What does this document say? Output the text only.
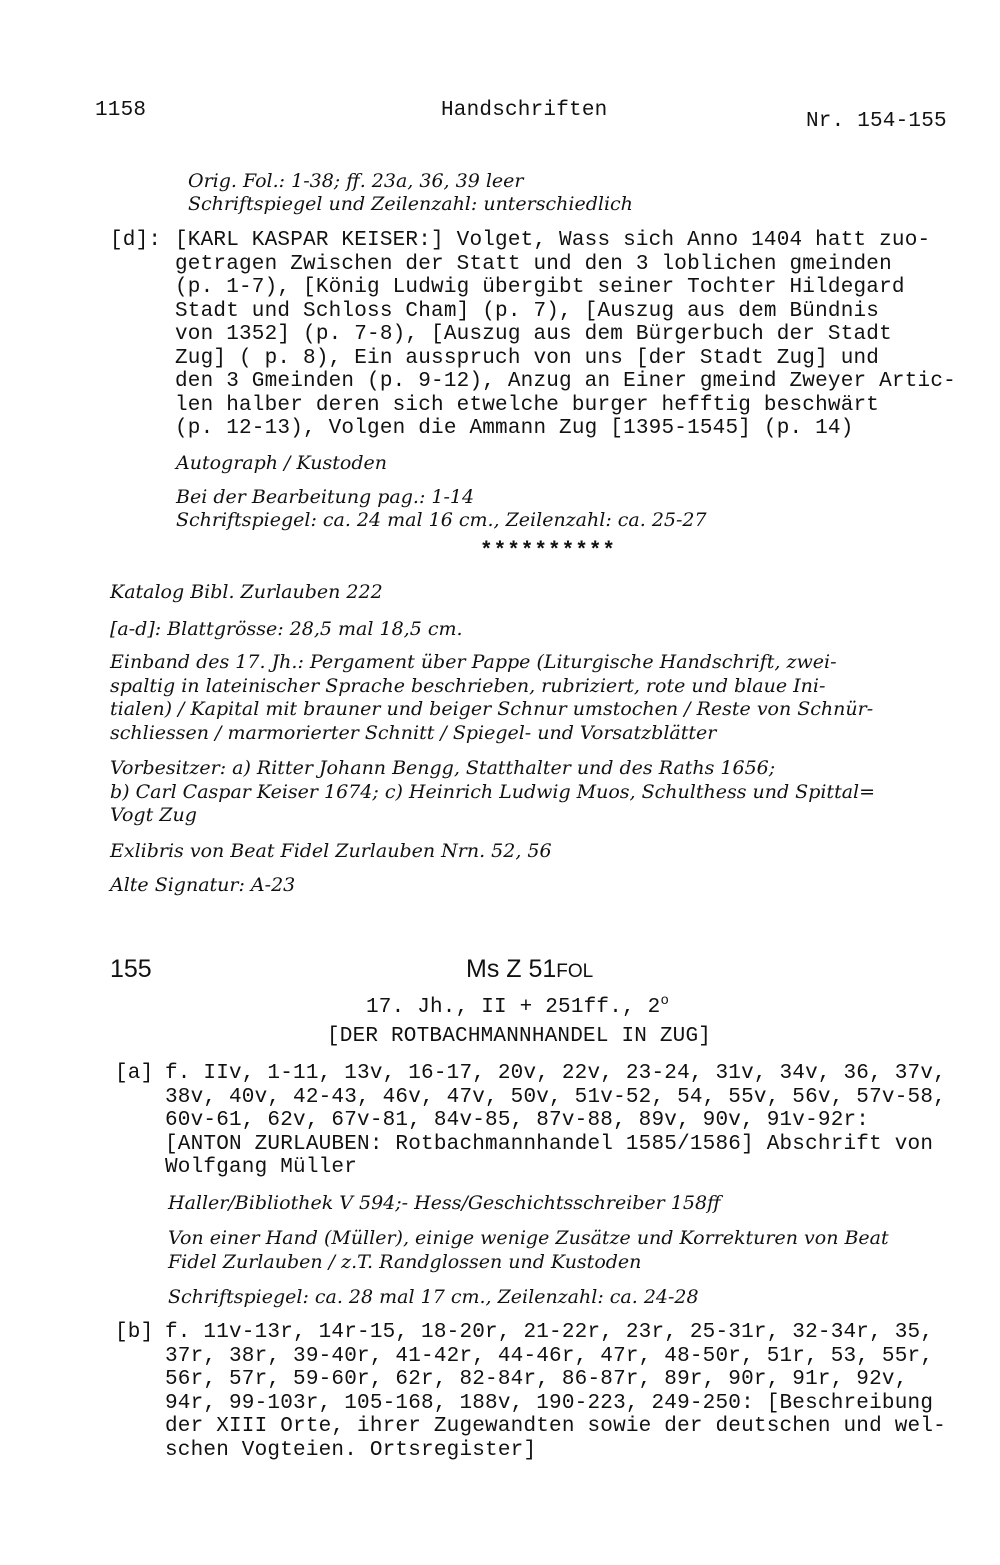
1158	Handschriften	Nr. 154-155
Orig. Fol.: 1-38; ff. 23a, 36, 39 leer
Schriftspiegel und Zeilenzahl: unterschiedlich
[d]: [KARL KASPAR KEISER:] Volget, Wass sich Anno 1404 hatt zuo-
getragen Zwischen der Statt und den 3 loblichen gmeinden
(p. 1-7), [König Ludwig übergibt seiner Tochter Hildegard
Stadt und Schloss Cham] (p. 7), [Auszug aus dem Bündnis
von 1352] (p. 7-8), [Auszug aus dem Bürgerbuch der Stadt
Zug] ( p. 8), Ein ausspruch von uns [der Stadt Zug] und
den 3 Gmeinden (p. 9-12), Anzug an Einer gmeind Zweyer Artic-
len halber deren sich etwelche burger hefftig beschwärt
(p. 12-13), Volgen die Ammann Zug [1395-1545] (p. 14)
Autograph / Kustoden
Bei der Bearbeitung pag.: 1-14
Schriftspiegel: ca. 24 mal 16 cm., Zeilenzahl: ca. 25-27
**********
Katalog Bibl. Zurlauben 222
[a-d]: Blattgrösse: 28,5 mal 18,5 cm.
Einband des 17. Jh.: Pergament über Pappe (Liturgische Handschrift, zwei-
spaltig in lateinischer Sprache beschrieben, rubriziert, rote und blaue Ini-
tialen) / Kapital mit brauner und beiger Schnur umstochen / Reste von Schnür-
schliessen / marmorierter Schnitt / Spiegel- und Vorsatzblätter
Vorbesitzer: a) Ritter Johann Bengg, Statthalter und des Raths 1656;
b) Carl Caspar Keiser 1674; c) Heinrich Ludwig Muos, Schulthess und Spittal=
Vogt Zug
Exlibris von Beat Fidel Zurlauben Nrn. 52, 56
Alte Signatur: A-23
155	Ms Z 51FOL
17. Jh., II + 251ff., 2$^o$
[DER ROTBACHMANNHANDEL IN ZUG]
[a] f. IIv, 1-11, 13v, 16-17, 20v, 22v, 23-24, 31v, 34v, 36, 37v,
38v, 40v, 42-43, 46v, 47v, 50v, 51v-52, 54, 55v, 56v, 57v-58,
60v-61, 62v, 67v-81, 84v-85, 87v-88, 89v, 90v, 91v-92r:
[ANTON ZURLAUBEN: Rotbachmannhandel 1585/1586] Abschrift von
Wolfgang Müller
Haller/Bibliothek V 594;- Hess/Geschichtsschreiber 158ff
Von einer Hand (Müller), einige wenige Zusätze und Korrekturen von Beat
Fidel Zurlauben / z.T. Randglossen und Kustoden
Schriftspiegel: ca. 28 mal 17 cm., Zeilenzahl: ca. 24-28
[b] f. 11v-13r, 14r-15, 18-20r, 21-22r, 23r, 25-31r, 32-34r, 35,
37r, 38r, 39-40r, 41-42r, 44-46r, 47r, 48-50r, 51r, 53, 55r,
56r, 57r, 59-60r, 62r, 82-84r, 86-87r, 89r, 90r, 91r, 92v,
94r, 99-103r, 105-168, 188v, 190-223, 249-250: [Beschreibung
der XIII Orte, ihrer Zugewandten sowie der deutschen und wel-
schen Vogteien. Ortsregister]
